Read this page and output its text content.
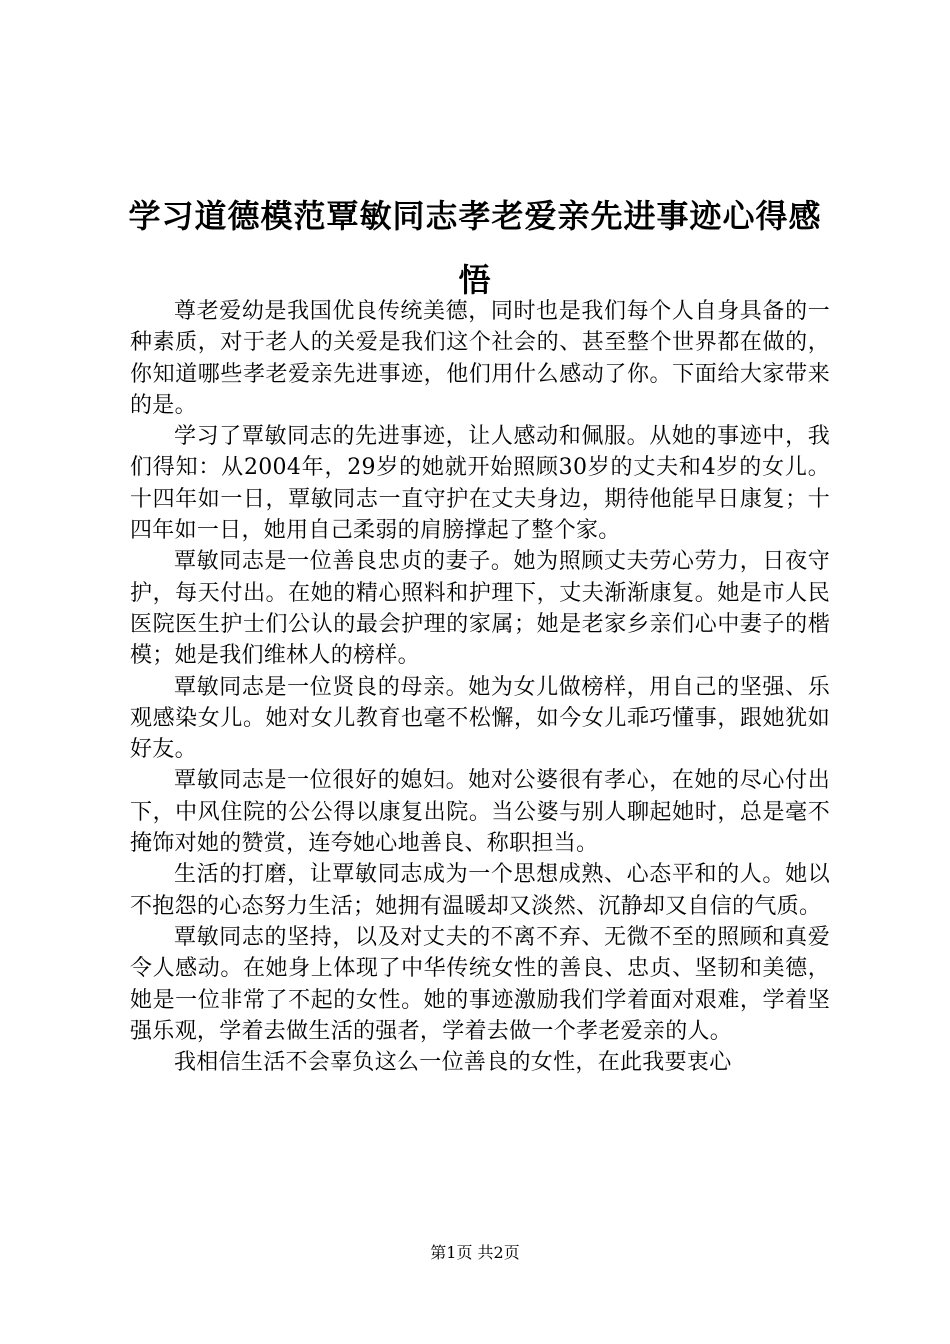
学习道德模范覃敏同志孝老爱亲先进事迹心得感悟

尊老爱幼是我国优良传统美德，同时也是我们每个人自身具备的一种素质，对于老人的关爱是我们这个社会的、甚至整个世界都在做的，你知道哪些孝老爱亲先进事迹，他们用什么感动了你。下面给大家带来的是。

学习了覃敏同志的先进事迹，让人感动和佩服。从她的事迹中，我们得知：从2004年，29岁的她就开始照顾30岁的丈夫和4岁的女儿。十四年如一日，覃敏同志一直守护在丈夫身边，期待他能早日康复；十四年如一日，她用自己柔弱的肩膀撑起了整个家。

覃敏同志是一位善良忠贞的妻子。她为照顾丈夫劳心劳力，日夜守护，每天付出。在她的精心照料和护理下，丈夫渐渐康复。她是市人民医院医生护士们公认的最会护理的家属；她是老家乡亲们心中妻子的楷模；她是我们维林人的榜样。

覃敏同志是一位贤良的母亲。她为女儿做榜样，用自己的坚强、乐观感染女儿。她对女儿教育也毫不松懈，如今女儿乖巧懂事，跟她犹如好友。

覃敏同志是一位很好的媳妇。她对公婆很有孝心，在她的尽心付出下，中风住院的公公得以康复出院。当公婆与别人聊起她时，总是毫不掩饰对她的赞赏，连夸她心地善良、称职担当。

生活的打磨，让覃敏同志成为一个思想成熟、心态平和的人。她以不抱怨的心态努力生活；她拥有温暖却又淡然、沉静却又自信的气质。

覃敏同志的坚持，以及对丈夫的不离不弃、无微不至的照顾和真爱令人感动。在她身上体现了中华传统女性的善良、忠贞、坚韧和美德，她是一位非常了不起的女性。她的事迹激励我们学着面对艰难，学着坚强乐观，学着去做生活的强者，学着去做一个孝老爱亲的人。

我相信生活不会辜负这么一位善良的女性，在此我要衷心

第1页 共2页
